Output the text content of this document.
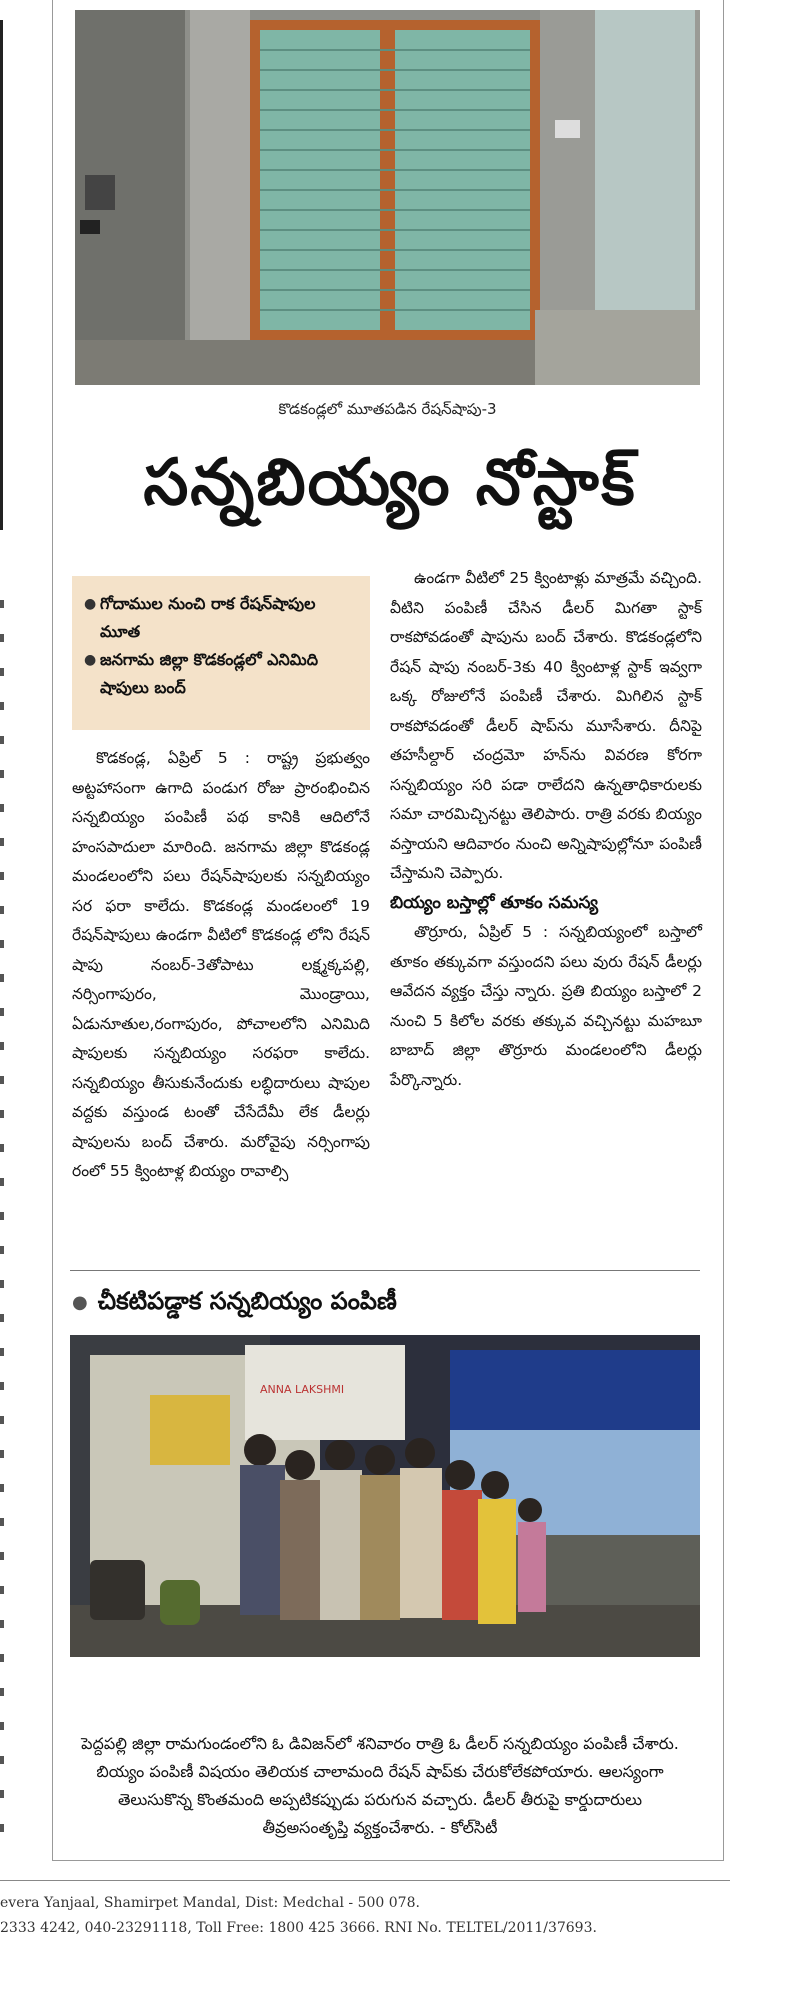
కొడకండ్లలో మూతపడిన రేషన్‌షాపు-3
సన్నబియ్యం నోస్టాక్
● గోదాముల నుంచి రాక రేషన్‌షాపుల మూత
● జనగామ జిల్లా కొడకండ్లలో ఎనిమిది షాపులు బంద్

కొడకండ్ల, ఏప్రిల్ 5 : రాష్ట్ర ప్రభుత్వం అట్టహాసంగా ఉగాది పండుగ రోజు ప్రారంభించిన సన్నబియ్యం పంపిణీ పథ కానికి ఆదిలోనే హంసపాదులా మారింది. జనగామ జిల్లా కొడకండ్ల మండలంలోని పలు రేషన్‌షాపులకు సన్నబియ్యం సర ఫరా కాలేదు. కొడకండ్ల మండలంలో 19 రేషన్‌షాపులు ఉండగా వీటిలో కొడకండ్ల లోని రేషన్ షాపు నంబర్-3తోపాటు లక్ష్మక్కపల్లి, నర్సింగాపురం, మొండ్రాయి, ఏడునూతుల,రంగాపురం, పోచాలలోని ఎనిమిది షాపులకు సన్నబియ్యం సరఫరా కాలేదు. సన్నబియ్యం తీసుకునేందుకు లబ్ధిదారులు షాపుల వద్దకు వస్తుండ టంతో చేసేదేమీ లేక డీలర్లు షాపులను బంద్ చేశారు. మరోవైపు నర్సింగాపు రంలో 55 క్వింటాళ్ల బియ్యం రావాల్సి

ఉండగా వీటిలో 25 క్వింటాళ్లు మాత్రమే వచ్చింది. వీటిని పంపిణీ చేసిన డీలర్ మిగతా స్టాక్ రాకపోవడంతో షాపును బంద్ చేశారు. కొడకండ్లలోని రేషన్ షాపు నంబర్-3కు 40 క్వింటాళ్ల స్టాక్ ఇవ్వగా ఒక్క రోజులోనే పంపిణీ చేశారు. మిగిలిన స్టాక్ రాకపోవడంతో డీలర్ షాప్‌ను మూసేశారు. దీనిపై తహసీల్దార్ చంద్రమో హన్‌ను వివరణ కోరగా సన్నబియ్యం సరి పడా రాలేదని ఉన్నతాధికారులకు సమా చారమిచ్చినట్టు తెలిపారు. రాత్రి వరకు బియ్యం వస్తాయని ఆదివారం నుంచి అన్నిషాపుల్లోనూ పంపిణీ చేస్తామని చెప్పారు.

బియ్యం బస్తాల్లో తూకం సమస్య

తొర్రూరు, ఏప్రిల్ 5 : సన్నబియ్యంలో బస్తాలో తూకం తక్కువగా వస్తుందని పలు వురు రేషన్ డీలర్లు ఆవేదన వ్యక్తం చేస్తు న్నారు. ప్రతి బియ్యం బస్తాలో 2 నుంచి 5 కిలోల వరకు తక్కువ వచ్చినట్టు మహబూ బాబాద్ జిల్లా తొర్రూరు మండలంలోని డీలర్లు పేర్కొన్నారు.

● చీకటిపడ్డాక సన్నబియ్యం పంపిణీ
ANNA LAKSHMI
పెద్దపల్లి జిల్లా రామగుండంలోని ఓ డివిజన్‌లో శనివారం రాత్రి ఓ డీలర్ సన్నబియ్యం పంపిణీ చేశారు. బియ్యం పంపిణీ విషయం తెలియక చాలామంది రేషన్ షాప్‌కు చేరుకోలేకపోయారు. ఆలస్యంగా తెలుసుకొన్న కొంతమంది అప్పటికప్పుడు పరుగున వచ్చారు. డీలర్ తీరుపై కార్డుదారులు తీవ్రఅసంతృప్తి వ్యక్తంచేశారు. - కోల్‌సిటీ
evera Yanjaal, Shamirpet Mandal, Dist: Medchal - 500 078.
2333 4242, 040-23291118, Toll Free: 1800 425 3666. RNI No. TELTEL/2011/37693.
